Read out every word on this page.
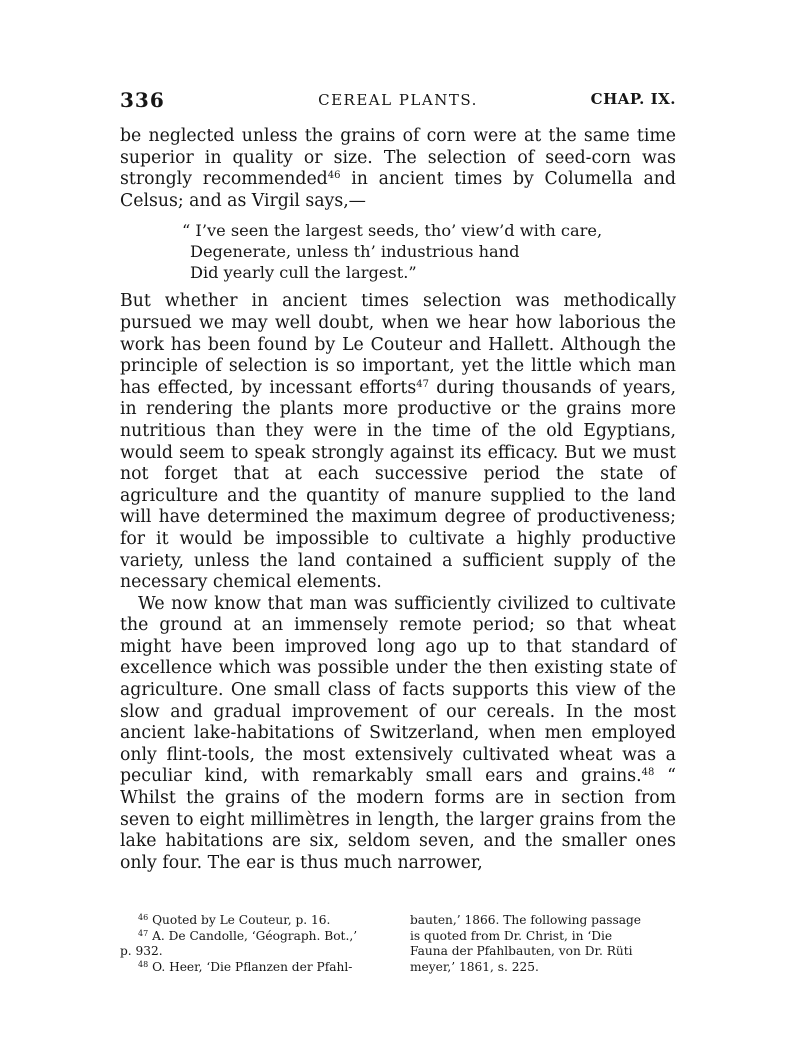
336	CEREAL PLANTS.	CHAP. IX.

be neglected unless the grains of corn were at the same time superior in quality or size. The selection of seed-corn was strongly recommended$^{46}$ in ancient times by Columella and Celsus; and as Virgil says,—

“ I’ve seen the largest seeds, tho’ view’d with care,
Degenerate, unless th’ industrious hand
Did yearly cull the largest.”

But whether in ancient times selection was methodically pursued we may well doubt, when we hear how laborious the work has been found by Le Couteur and Hallett. Although the principle of selection is so important, yet the little which man has effected, by incessant efforts$^{47}$ during thousands of years, in rendering the plants more productive or the grains more nutritious than they were in the time of the old Egyptians, would seem to speak strongly against its efficacy. But we must not forget that at each successive period the state of agriculture and the quantity of manure supplied to the land will have determined the maximum degree of productiveness; for it would be impossible to cultivate a highly productive variety, unless the land contained a sufficient supply of the necessary chemical elements.

We now know that man was sufficiently civilized to cultivate the ground at an immensely remote period; so that wheat might have been improved long ago up to that standard of excellence which was possible under the then existing state of agriculture. One small class of facts supports this view of the slow and gradual improvement of our cereals. In the most ancient lake-habitations of Switzerland, when men employed only flint-tools, the most extensively cultivated wheat was a peculiar kind, with remarkably small ears and grains.$^{48}$ “ Whilst the grains of the modern forms are in section from seven to eight millimètres in length, the larger grains from the lake habitations are six, seldom seven, and the smaller ones only four. The ear is thus much narrower,

$^{46}$ Quoted by Le Couteur, p. 16.
$^{47}$ A. De Candolle, ‘Géograph. Bot.,’
p. 932.
$^{48}$ O. Heer, ‘Die Pflanzen der Pfahl-
bauten,’ 1866. The following passage
is quoted from Dr. Christ, in ‘Die
Fauna der Pfahlbauten, von Dr. Rüti
meyer,’ 1861, s. 225.
